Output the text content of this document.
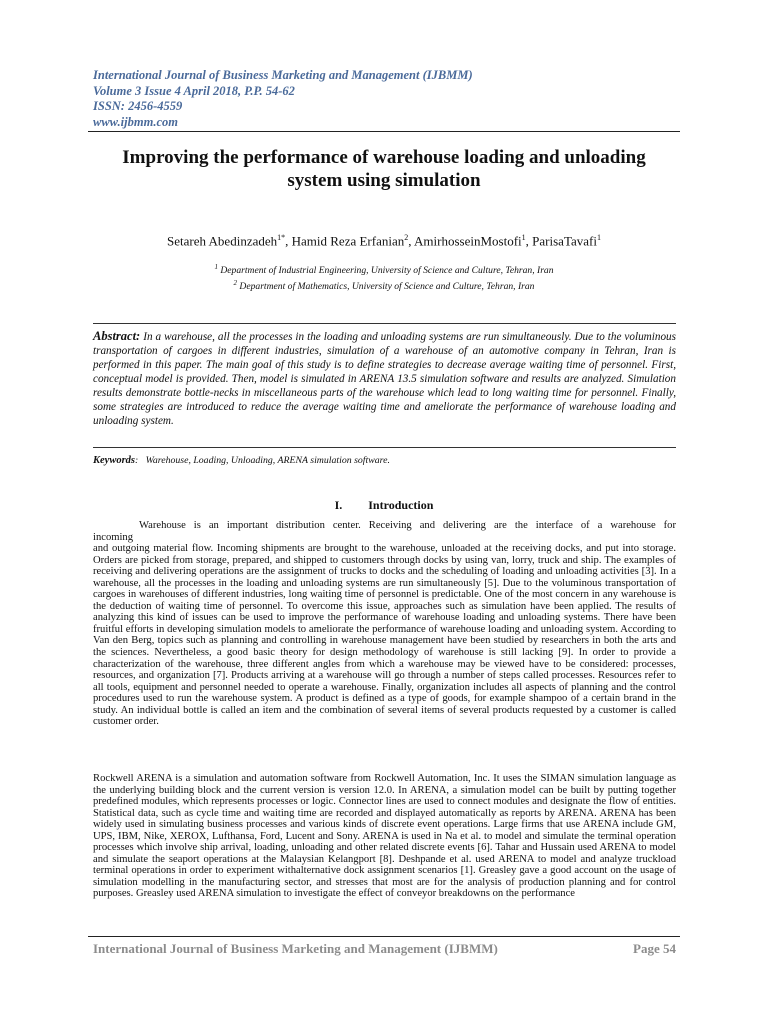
International Journal of Business Marketing and Management (IJBMM)
Volume 3 Issue 4 April 2018, P.P. 54-62
ISSN: 2456-4559
www.ijbmm.com
Improving the performance of warehouse loading and unloading
system using simulation
Setareh Abedinzadeh$^{1*}$, Hamid Reza Erfanian$^2$, AmirhosseinMostofi$^1$, ParisaTavafi$^1$
$^1$ Department of Industrial Engineering, University of Science and Culture, Tehran, Iran
$^2$ Department of Mathematics, University of Science and Culture, Tehran, Iran
Abstract: In a warehouse, all the processes in the loading and unloading systems are run simultaneously. Due to the voluminous transportation of cargoes in different industries, simulation of a warehouse of an automotive company in Tehran, Iran is performed in this paper. The main goal of this study is to define strategies to decrease average waiting time of personnel. First, conceptual model is provided. Then, model is simulated in ARENA 13.5 simulation software and results are analyzed. Simulation results demonstrate bottle-necks in miscellaneous parts of the warehouse which lead to long waiting time for personnel. Finally, some strategies are introduced to reduce the average waiting time and ameliorate the performance of warehouse loading and unloading system.
Keywords: Warehouse, Loading, Unloading, ARENA simulation software.
I. Introduction
Warehouse is an important distribution center. Receiving and delivering are the interface of a warehouse for
incoming
and outgoing material flow. Incoming shipments are brought to the warehouse, unloaded at the receiving docks, and put into storage. Orders are picked from storage, prepared, and shipped to customers through docks by using van, lorry, truck and ship. The examples of receiving and delivering operations are the assignment of trucks to docks and the scheduling of loading and unloading activities [3]. In a warehouse, all the processes in the loading and unloading systems are run simultaneously [5]. Due to the voluminous transportation of cargoes in warehouses of different industries, long waiting time of personnel is predictable. One of the most concern in any warehouse is the deduction of waiting time of personnel. To overcome this issue, approaches such as simulation have been applied. The results of analyzing this kind of issues can be used to improve the performance of warehouse loading and unloading systems. There have been fruitful efforts in developing simulation models to ameliorate the performance of warehouse loading and unloading system. According to Van den Berg, topics such as planning and controlling in warehouse management have been studied by researchers in both the arts and the sciences. Nevertheless, a good basic theory for design methodology of warehouse is still lacking [9]. In order to provide a characterization of the warehouse, three different angles from which a warehouse may be viewed have to be considered: processes, resources, and organization [7]. Products arriving at a warehouse will go through a number of steps called processes. Resources refer to all tools, equipment and personnel needed to operate a warehouse. Finally, organization includes all aspects of planning and the control procedures used to run the warehouse system. A product is defined as a type of goods, for example shampoo of a certain brand in the study. An individual bottle is called an item and the combination of several items of several products requested by a customer is called customer order.
Rockwell ARENA is a simulation and automation software from Rockwell Automation, Inc. It uses the SIMAN simulation language as the underlying building block and the current version is version 12.0. In ARENA, a simulation model can be built by putting together predefined modules, which represents processes or logic. Connector lines are used to connect modules and designate the flow of entities. Statistical data, such as cycle time and waiting time are recorded and displayed automatically as reports by ARENA. ARENA has been widely used in simulating business processes and various kinds of discrete event operations. Large firms that use ARENA include GM, UPS, IBM, Nike, XEROX, Lufthansa, Ford, Lucent and Sony. ARENA is used in Na et al. to model and simulate the terminal operation processes which involve ship arrival, loading, unloading and other related discrete events [6]. Tahar and Hussain used ARENA to model and simulate the seaport operations at the Malaysian Kelangport [8]. Deshpande et al. used ARENA to model and analyze truckload terminal operations in order to experiment withalternative dock assignment scenarios [1]. Greasley gave a good account on the usage of simulation modelling in the manufacturing sector, and stresses that most are for the analysis of production planning and for control purposes. Greasley used ARENA simulation to investigate the effect of conveyor breakdowns on the performance
International Journal of Business Marketing and Management (IJBMM)	Page 54
